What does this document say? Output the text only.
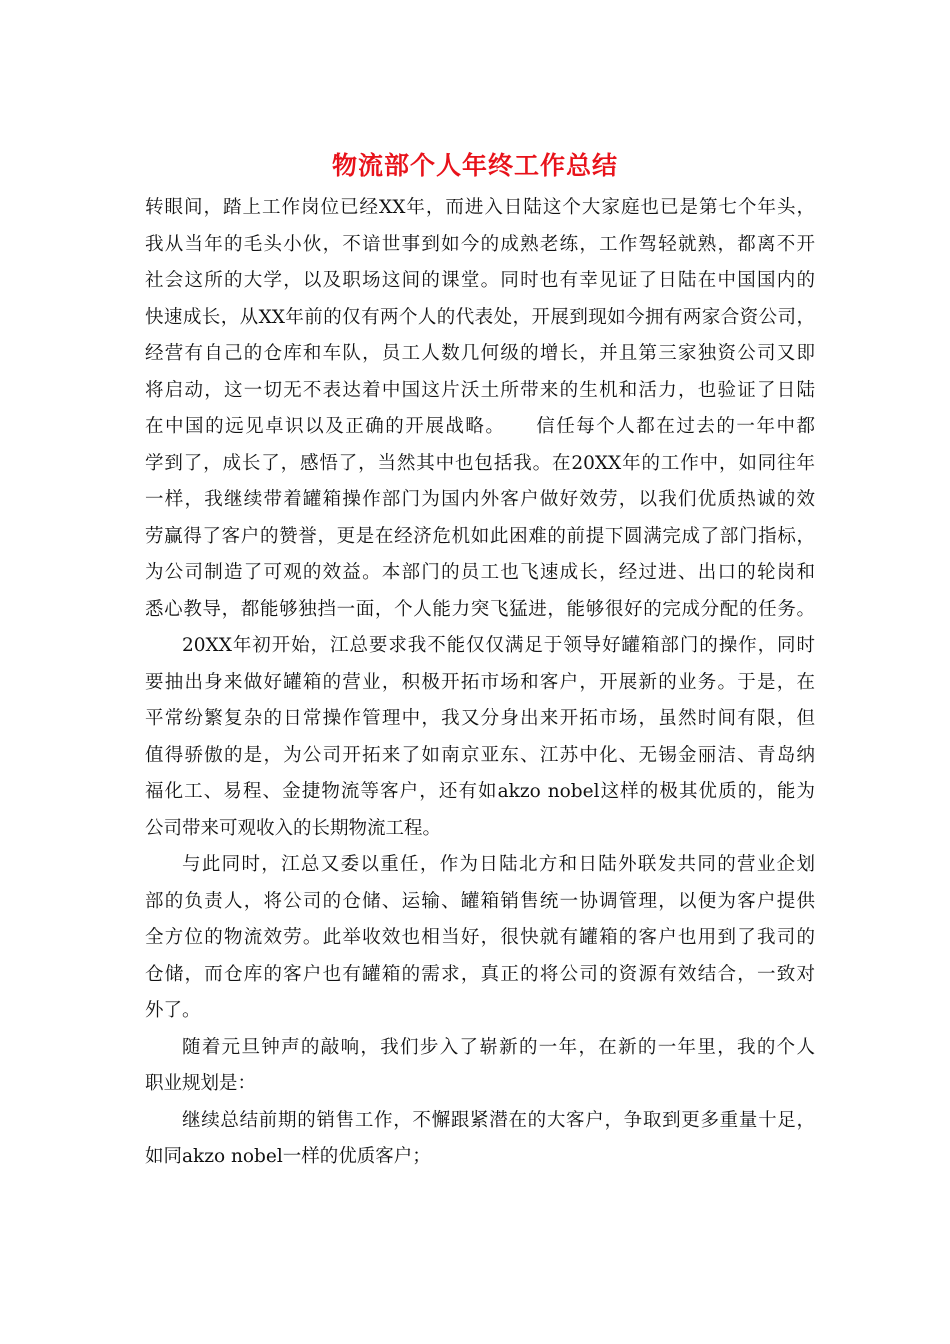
物流部个人年终工作总结
转眼间，踏上工作岗位已经XX年，而进入日陆这个大家庭也已是第七个年头，
我从当年的毛头小伙，不谙世事到如今的成熟老练，工作驾轻就熟，都离不开
社会这所的大学，以及职场这间的课堂。同时也有幸见证了日陆在中国国内的
快速成长，从XX年前的仅有两个人的代表处，开展到现如今拥有两家合资公司，
经营有自己的仓库和车队，员工人数几何级的增长，并且第三家独资公司又即
将启动，这一切无不表达着中国这片沃土所带来的生机和活力，也验证了日陆
在中国的远见卓识以及正确的开展战略。　　信任每个人都在过去的一年中都
学到了，成长了，感悟了，当然其中也包括我。在20XX年的工作中，如同往年
一样，我继续带着罐箱操作部门为国内外客户做好效劳，以我们优质热诚的效
劳赢得了客户的赞誉，更是在经济危机如此困难的前提下圆满完成了部门指标，
为公司制造了可观的效益。本部门的员工也飞速成长，经过进、出口的轮岗和
悉心教导，都能够独挡一面，个人能力突飞猛进，能够很好的完成分配的任务。
20XX年初开始，江总要求我不能仅仅满足于领导好罐箱部门的操作，同时
要抽出身来做好罐箱的营业，积极开拓市场和客户，开展新的业务。于是，在
平常纷繁复杂的日常操作管理中，我又分身出来开拓市场，虽然时间有限，但
值得骄傲的是，为公司开拓来了如南京亚东、江苏中化、无锡金丽洁、青岛纳
福化工、易程、金捷物流等客户，还有如akzo nobel这样的极其优质的，能为
公司带来可观收入的长期物流工程。
与此同时，江总又委以重任，作为日陆北方和日陆外联发共同的营业企划
部的负责人，将公司的仓储、运输、罐箱销售统一协调管理，以便为客户提供
全方位的物流效劳。此举收效也相当好，很快就有罐箱的客户也用到了我司的
仓储，而仓库的客户也有罐箱的需求，真正的将公司的资源有效结合，一致对
外了。
随着元旦钟声的敲响，我们步入了崭新的一年，在新的一年里，我的个人
职业规划是：
继续总结前期的销售工作，不懈跟紧潜在的大客户，争取到更多重量十足，
如同akzo nobel一样的优质客户；
